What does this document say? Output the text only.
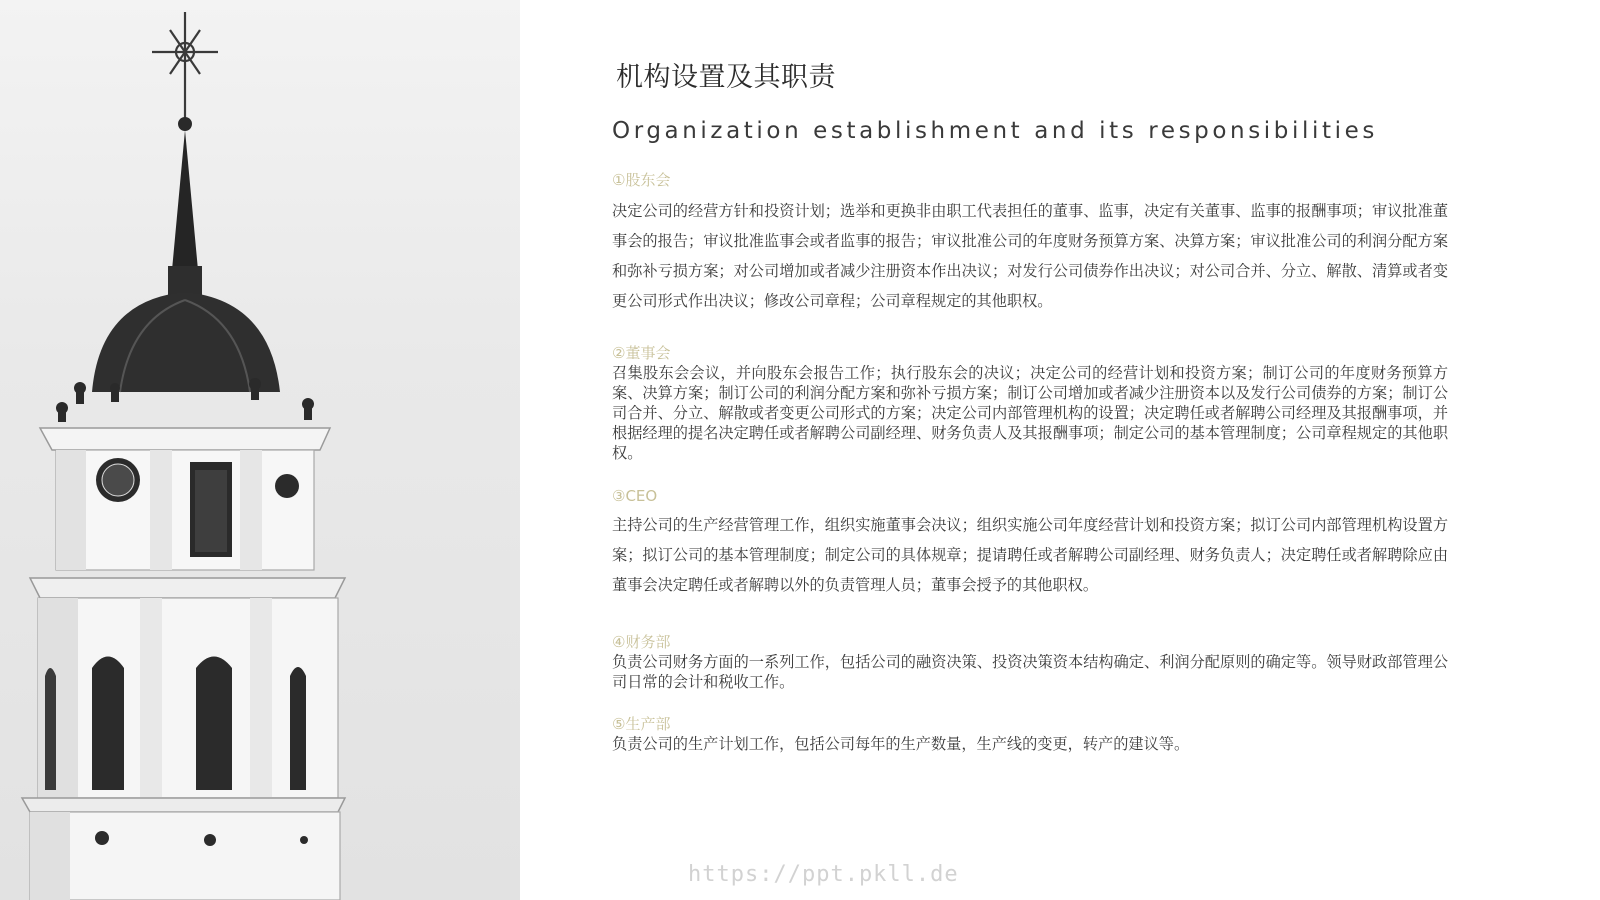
机构设置及其职责
Organization establishment and its responsibilities

①股东会

决定公司的经营方针和投资计划；选举和更换非由职工代表担任的董事、监事，决定有关董事、监事的报酬事项；审议批准董事会的报告；审议批准监事会或者监事的报告；审议批准公司的年度财务预算方案、决算方案；审议批准公司的利润分配方案和弥补亏损方案；对公司增加或者减少注册资本作出决议；对发行公司债券作出决议；对公司合并、分立、解散、清算或者变更公司形式作出决议；修改公司章程；公司章程规定的其他职权。

②董事会

召集股东会会议，并向股东会报告工作；执行股东会的决议；决定公司的经营计划和投资方案；制订公司的年度财务预算方案、决算方案；制订公司的利润分配方案和弥补亏损方案；制订公司增加或者减少注册资本以及发行公司债券的方案；制订公司合并、分立、解散或者变更公司形式的方案；决定公司内部管理机构的设置；决定聘任或者解聘公司经理及其报酬事项，并根据经理的提名决定聘任或者解聘公司副经理、财务负责人及其报酬事项；制定公司的基本管理制度；公司章程规定的其他职权。

③CEO

主持公司的生产经营管理工作，组织实施董事会决议；组织实施公司年度经营计划和投资方案；拟订公司内部管理机构设置方案；拟订公司的基本管理制度；制定公司的具体规章；提请聘任或者解聘公司副经理、财务负责人；决定聘任或者解聘除应由董事会决定聘任或者解聘以外的负责管理人员；董事会授予的其他职权。

④财务部

负责公司财务方面的一系列工作，包括公司的融资决策、投资决策资本结构确定、利润分配原则的确定等。领导财政部管理公司日常的会计和税收工作。

⑤生产部

负责公司的生产计划工作，包括公司每年的生产数量，生产线的变更，转产的建议等。

https://ppt.pkll.de
